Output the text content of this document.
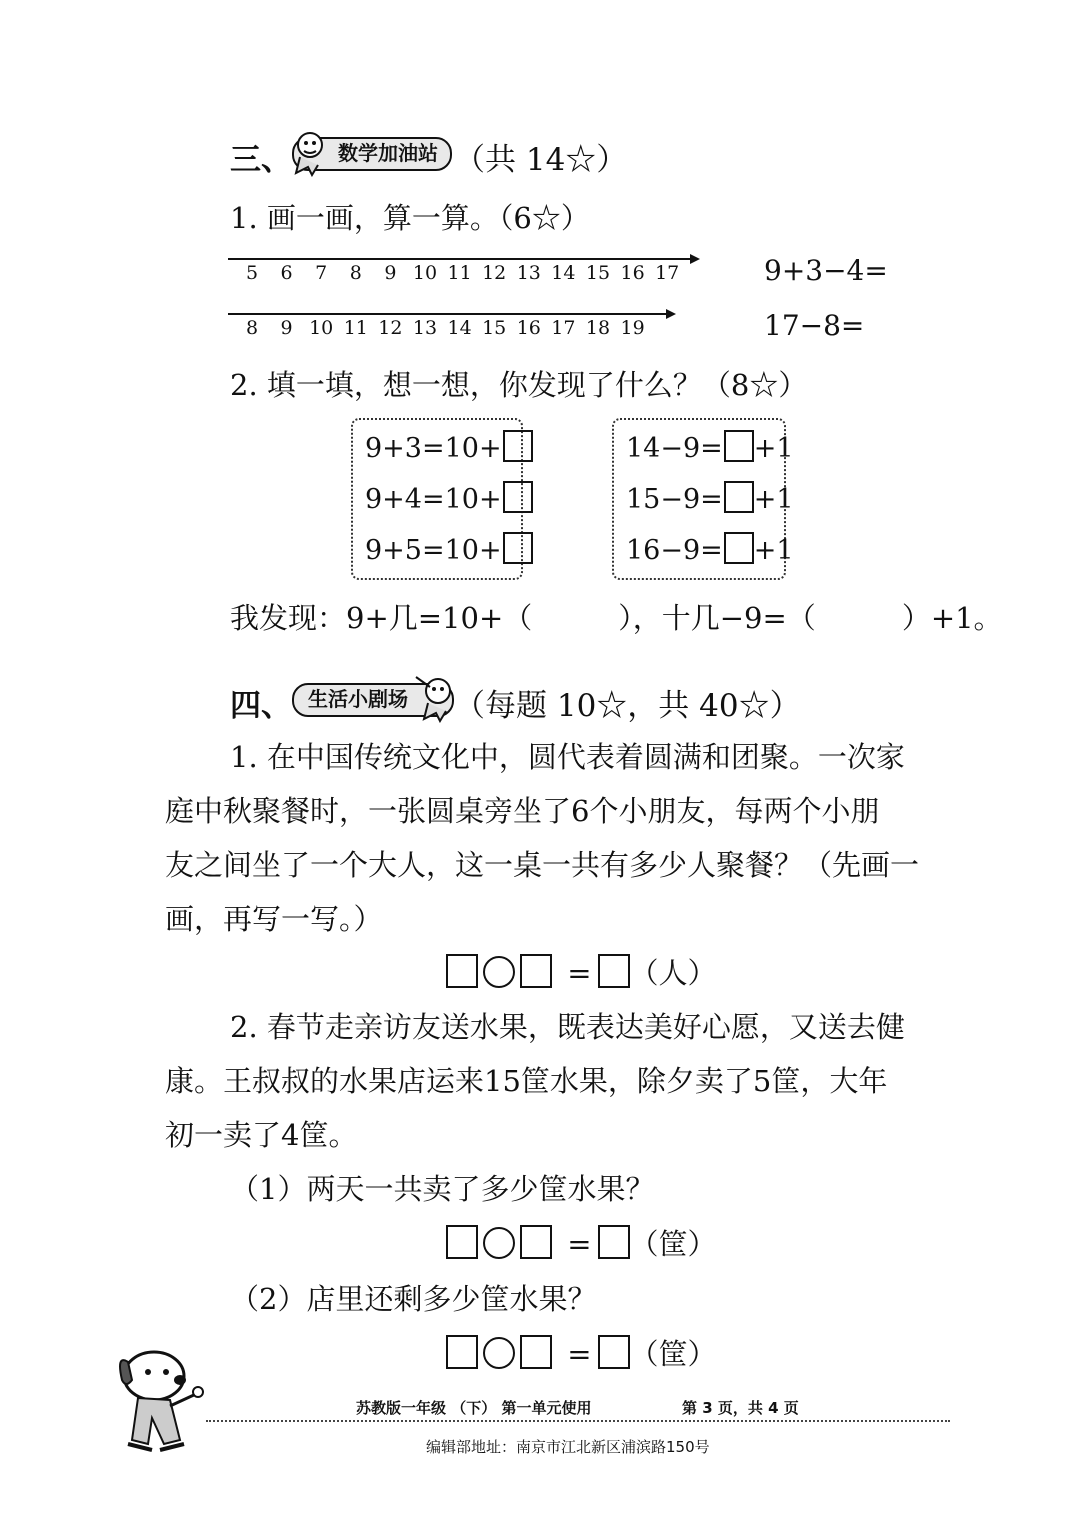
三、	数学加油站 （共 14☆）
1. 画一画，算一算。（6☆）
5 6 7 8 9 10 11 12 13 14 15 16 17
8 9 10 11 12 13 14 15 16 17 18 19
9+3−4=
17−8=
2. 填一填，想一想，你发现了什么？（8☆）
9+3=10+
9+4=10+
9+5=10+
14−9= +1
15−9= +1
16−9= +1
我发现：9+几=10+（	），十几−9=（	）+1。
四、 生活小剧场	（每题 10☆，共 40☆）
1. 在中国传统文化中，圆代表着圆满和团聚。一次家
庭中秋聚餐时，一张圆桌旁坐了6个小朋友，每两个小朋
友之间坐了一个大人，这一桌一共有多少人聚餐？（先画一
画，再写一写。）
= （人）
2. 春节走亲访友送水果，既表达美好心愿，又送去健
康。王叔叔的水果店运来15筐水果，除夕卖了5筐，大年
初一卖了4筐。
（1）两天一共卖了多少筐水果？
= （筐）
（2）店里还剩多少筐水果？
= （筐）
苏教版一年级 （下） 第一单元使用	第 3 页，共 4 页
编辑部地址：南京市江北新区浦滨路150号
